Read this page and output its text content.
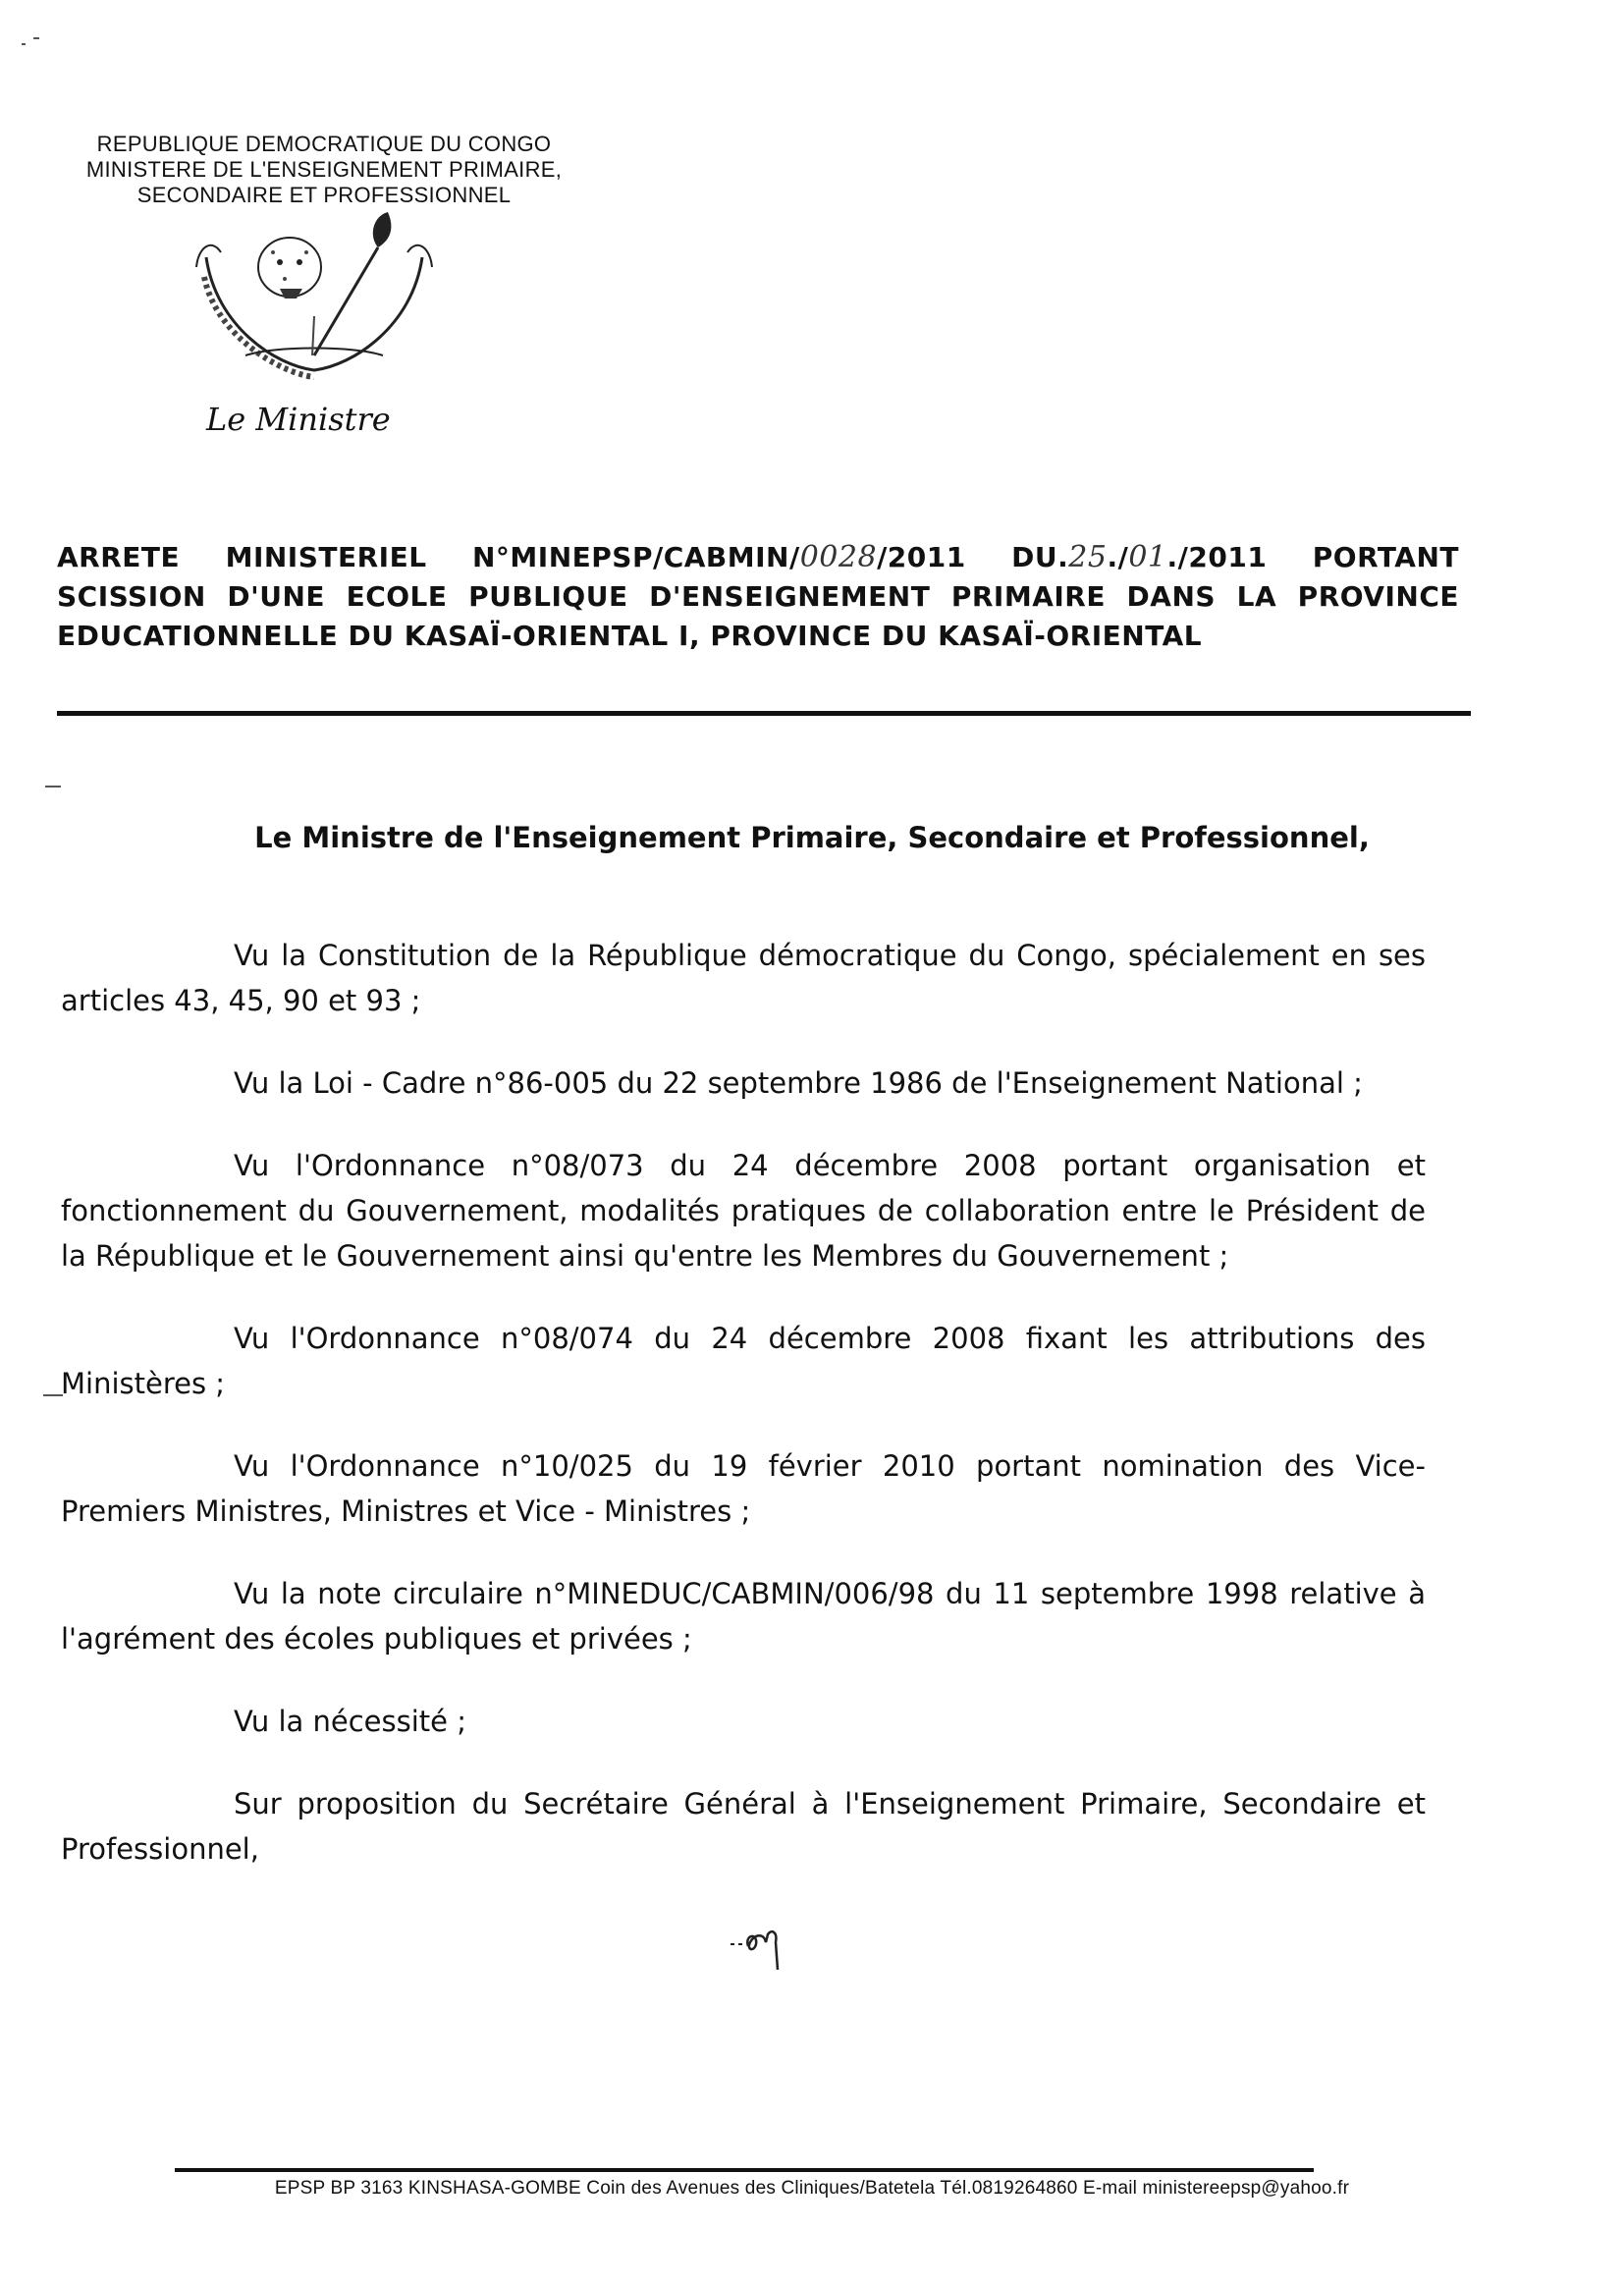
REPUBLIQUE DEMOCRATIQUE DU CONGO
MINISTERE DE L'ENSEIGNEMENT PRIMAIRE,
SECONDAIRE ET PROFESSIONNEL
Le Ministre
ARRETE MINISTERIEL N°MINEPSP/CABMIN/0028/2011 DU.25./01./2011 PORTANT SCISSION D'UNE ECOLE PUBLIQUE D'ENSEIGNEMENT PRIMAIRE DANS LA PROVINCE EDUCATIONNELLE DU KASAÏ-ORIENTAL I, PROVINCE DU KASAÏ-ORIENTAL
Le Ministre de l'Enseignement Primaire, Secondaire et Professionnel,

Vu la Constitution de la République démocratique du Congo, spécialement en ses articles 43, 45, 90 et 93 ;

Vu la Loi - Cadre n°86-005 du 22 septembre 1986 de l'Enseignement National ;

Vu l'Ordonnance n°08/073 du 24 décembre 2008 portant organisation et fonctionnement du Gouvernement, modalités pratiques de collaboration entre le Président de la République et le Gouvernement ainsi qu'entre les Membres du Gouvernement ;

Vu l'Ordonnance n°08/074 du 24 décembre 2008 fixant les attributions des Ministères ;

Vu l'Ordonnance n°10/025 du 19 février 2010 portant nomination des Vice-Premiers Ministres, Ministres et Vice - Ministres ;

Vu la note circulaire n°MINEDUC/CABMIN/006/98 du 11 septembre 1998 relative à l'agrément des écoles publiques et privées ;

Vu la nécessité ;

Sur proposition du Secrétaire Général à l'Enseignement Primaire, Secondaire et Professionnel,

EPSP BP 3163 KINSHASA-GOMBE Coin des Avenues des Cliniques/Batetela Tél.0819264860 E-mail ministereepsp@yahoo.fr
